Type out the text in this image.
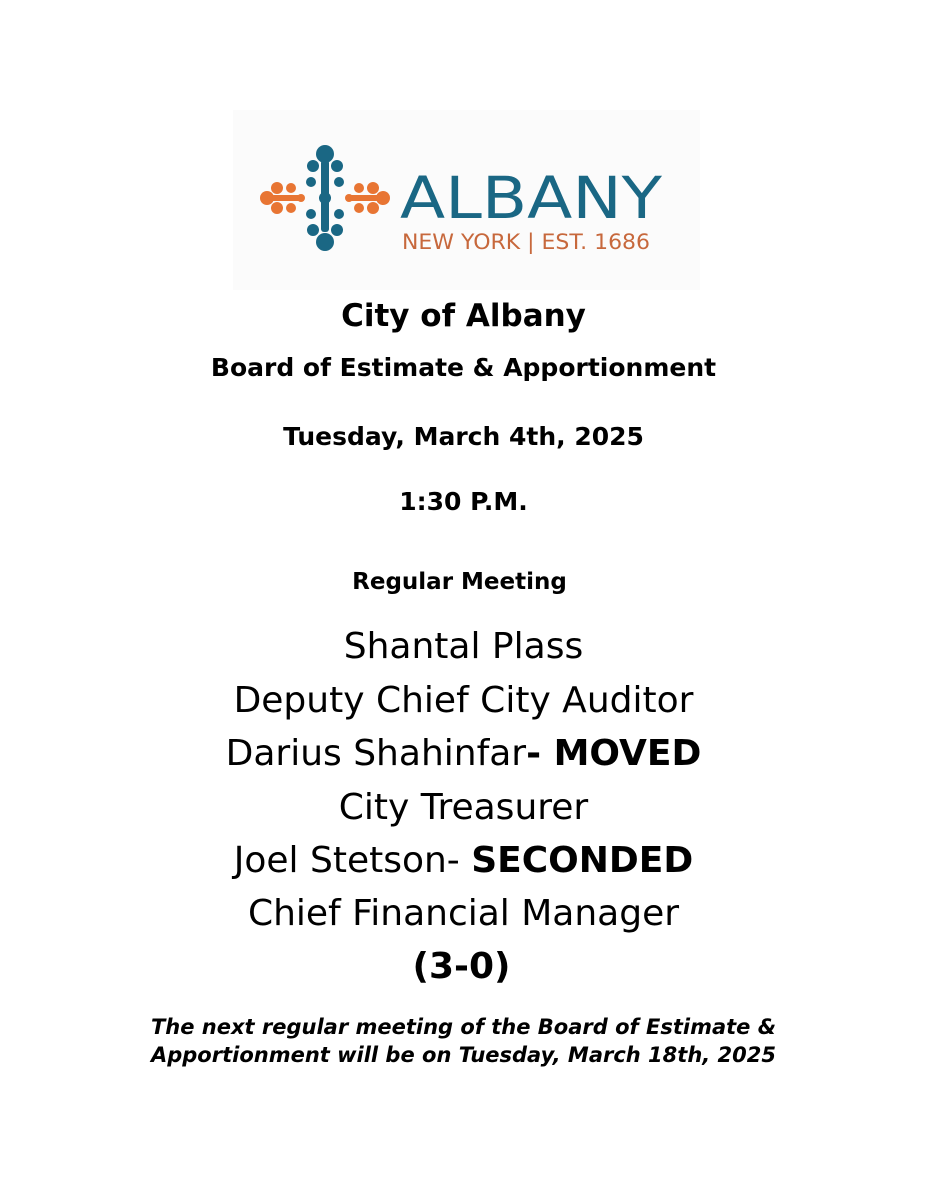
ALBANY
NEW YORK | EST. 1686
City of Albany
Board of Estimate & Apportionment
Tuesday, March 4th, 2025
1:30 P.M.
Regular Meeting
Shantal Plass
Deputy Chief City Auditor
Darius Shahinfar- MOVED
City Treasurer
Joel Stetson- SECONDED
Chief Financial Manager
(3-0)
The next regular meeting of the Board of Estimate &
Apportionment will be on Tuesday, March 18th, 2025
